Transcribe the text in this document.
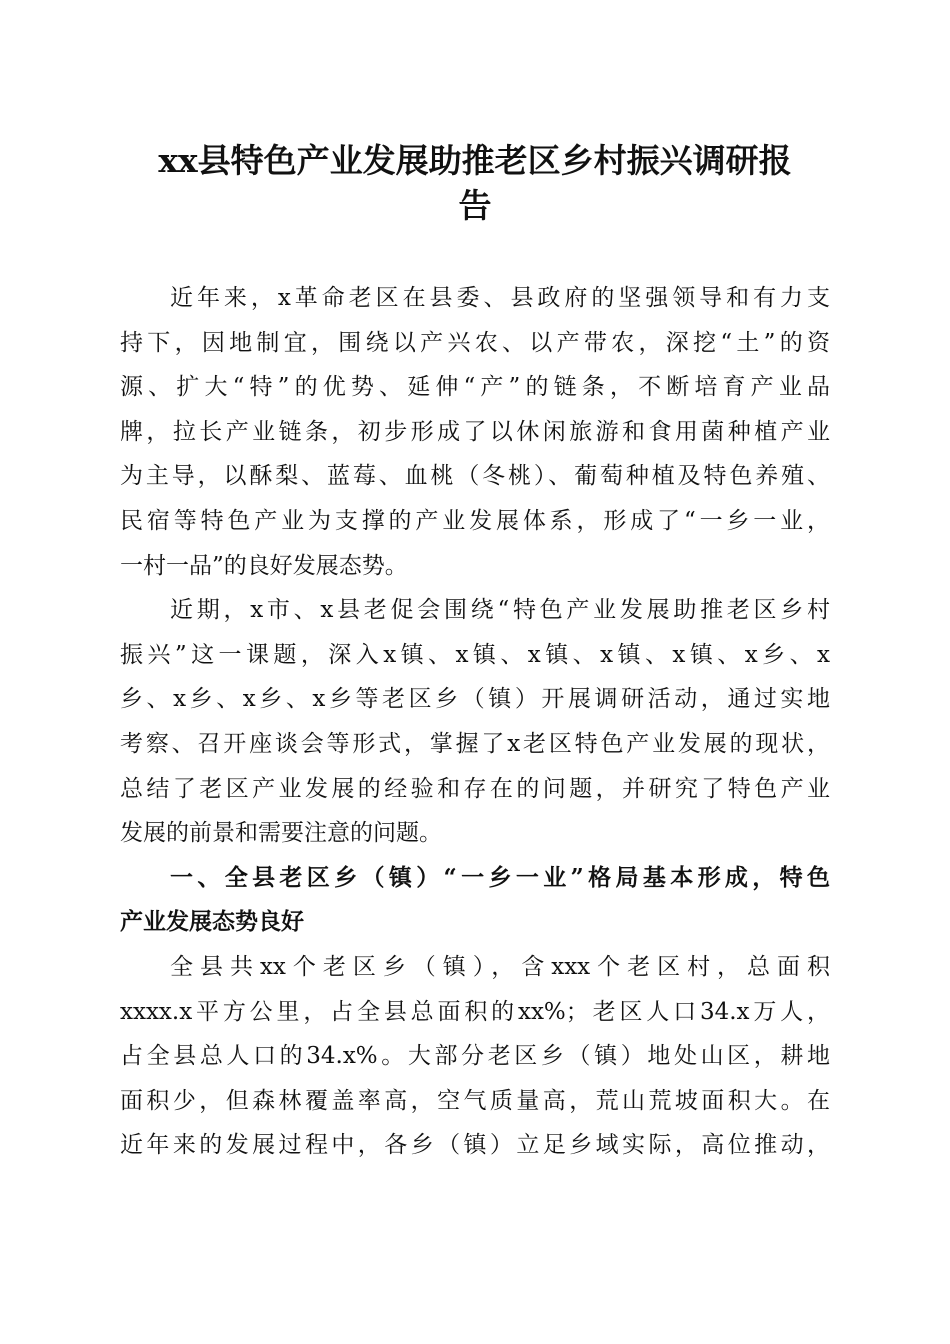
xx县特色产业发展助推老区乡村振兴调研报
告
近年来，x革命老区在县委、县政府的坚强领导和有力支
持下，因地制宜，围绕以产兴农、以产带农，深挖“土”的资
源、扩大“特”的优势、延伸“产”的链条，不断培育产业品
牌，拉长产业链条，初步形成了以休闲旅游和食用菌种植产业
为主导，以酥梨、蓝莓、血桃（冬桃）、葡萄种植及特色养殖、
民宿等特色产业为支撑的产业发展体系，形成了“一乡一业，
一村一品”的良好发展态势。
近期，x市、x县老促会围绕“特色产业发展助推老区乡村
振兴”这一课题，深入x镇、x镇、x镇、x镇、x镇、x乡、x
乡、x乡、x乡、x乡等老区乡（镇）开展调研活动，通过实地
考察、召开座谈会等形式，掌握了x老区特色产业发展的现状，
总结了老区产业发展的经验和存在的问题，并研究了特色产业
发展的前景和需要注意的问题。
一、全县老区乡（镇）“一乡一业”格局基本形成，特色
产业发展态势良好
全县共xx个老区乡（镇），含xxx个老区村，总面积
xxxx.x平方公里，占全县总面积的xx%；老区人口34.x万人，
占全县总人口的34.x%。大部分老区乡（镇）地处山区，耕地
面积少，但森林覆盖率高，空气质量高，荒山荒坡面积大。在
近年来的发展过程中，各乡（镇）立足乡域实际，高位推动，
